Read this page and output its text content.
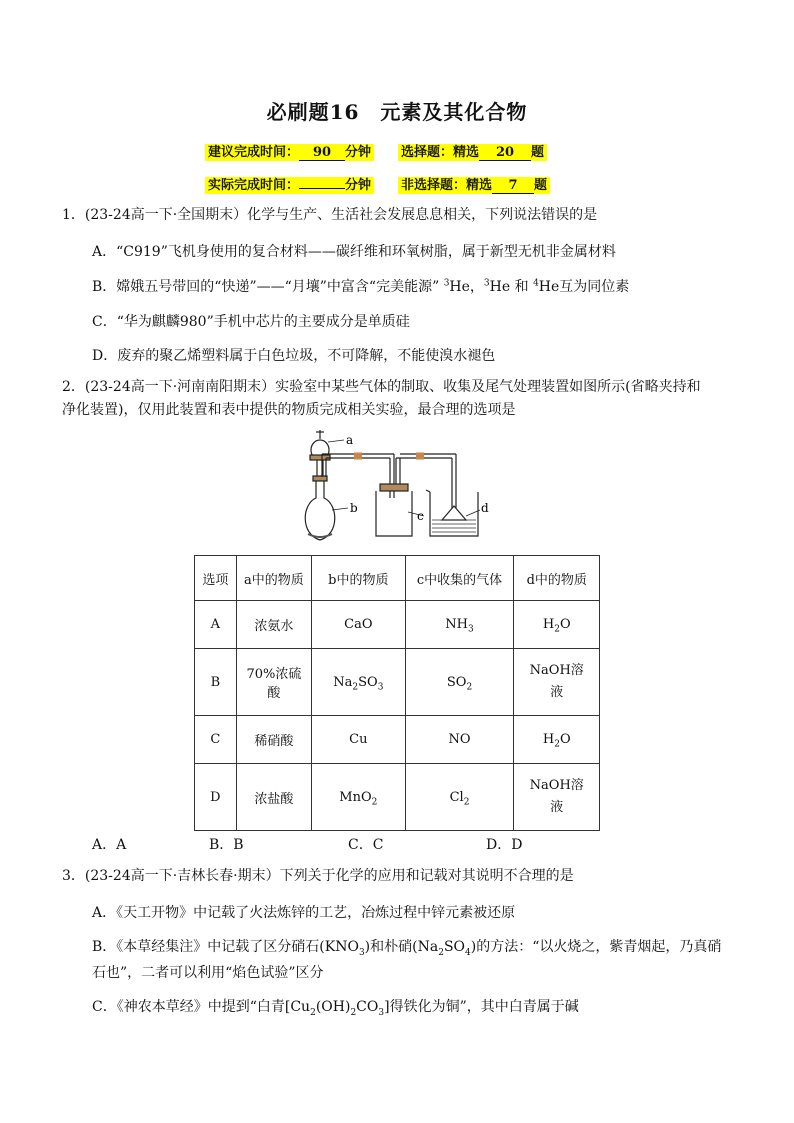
必刷题16　元素及其化合物
建议完成时间： 90 分钟 选择题：精选 20 题
实际完成时间：	分钟 非选择题：精选 7 题
1．(23-24高一下·全国期末）化学与生产、生活社会发展息息相关，下列说法错误的是
A．“C919”飞机身使用的复合材料——碳纤维和环氧树脂，属于新型无机非金属材料
B．嫦娥五号带回的“快递”——“月壤”中富含“完美能源” $^3$He，$^3$He 和 $^4$He互为同位素
C．“华为麒麟980”手机中芯片的主要成分是单质硅
D．废弃的聚乙烯塑料属于白色垃圾，不可降解，不能使溴水褪色
2．(23-24高一下·河南南阳期末）实验室中某些气体的制取、收集及尾气处理装置如图所示(省略夹持和
净化装置)，仅用此装置和表中提供的物质完成相关实验，最合理的选项是
a
b
c
d
选项	a中的物质	b中的物质	c中收集的气体	d中的物质
A	浓氨水	CaO	$NH_3$	$H_2O$
B	70%浓硫酸	$Na_2SO_3$	$SO_2$	NaOH溶
液
C	稀硝酸	Cu	NO	$H_2O$
D	浓盐酸	MnO$_2$	$Cl_2$	NaOH溶
液
A．A	B．B	C．C	D．D
3．(23-24高一下·吉林长春·期末）下列关于化学的应用和记载对其说明不合理的是
A．《天工开物》中记载了火法炼锌的工艺，冶炼过程中锌元素被还原
B．《本草经集注》中记载了区分硝石$(KNO_3)$和朴硝$(Na_2SO_4)$的方法：“以火烧之，紫青烟起，乃真硝
石也”，二者可以利用“焰色试验”区分
C．《神农本草经》中提到“白青$[Cu_2(OH)_2CO_3]$得铁化为铜”，其中白青属于碱
